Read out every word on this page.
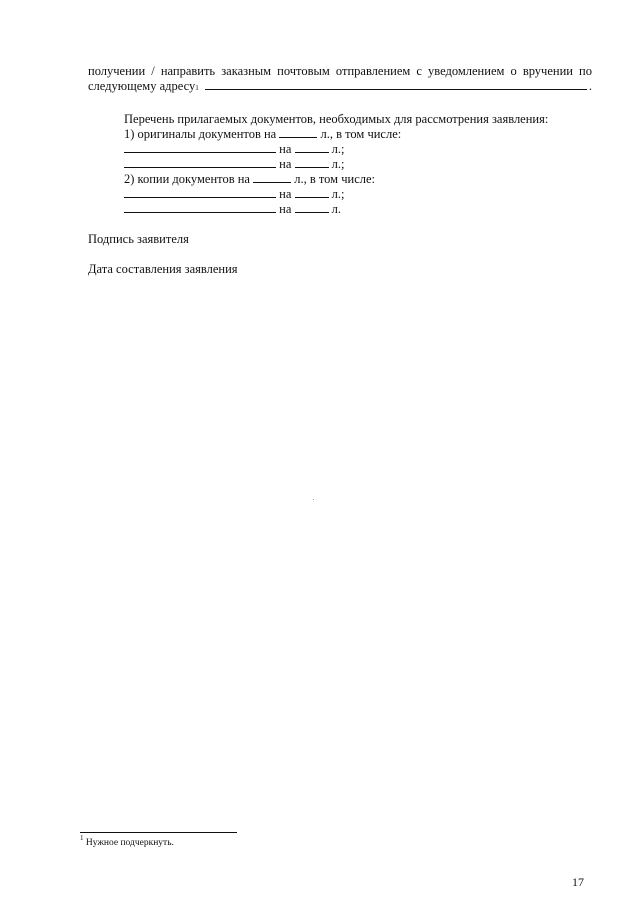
получении / направить заказным почтовым отправлением с уведомлением о вручении по
следующему адресу 1	.
Перечень прилагаемых документов, необходимых для рассмотрения заявления:
1) оригиналы документов на	л., в том числе:
на	л.;
на	л.;
2) копии документов на	л., в том числе:
на	л.;
на	л.
Подпись заявителя
Дата составления заявления
$^1$ Нужное подчеркнуть.
17
